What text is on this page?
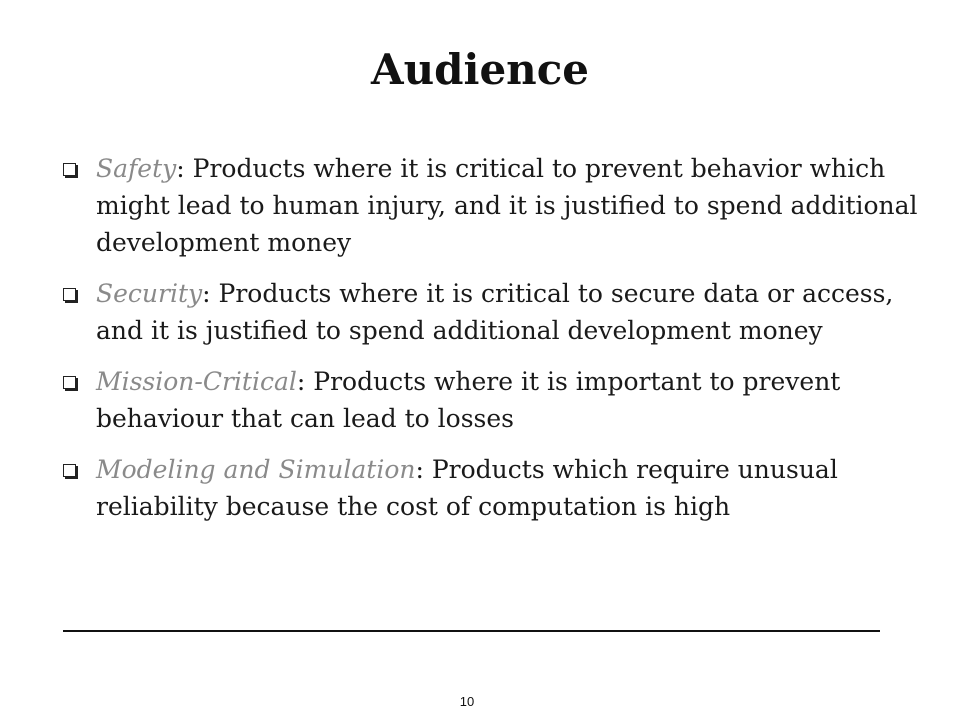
Audience
Safety: Products where it is critical to prevent behavior which might lead to human injury, and it is justified to spend additional development money
Security: Products where it is critical to secure data or access, and it is justified to spend additional development money
Mission-Critical: Products where it is important to prevent behaviour that can lead to losses
Modeling and Simulation: Products which require unusual reliability because the cost of computation is high
10
